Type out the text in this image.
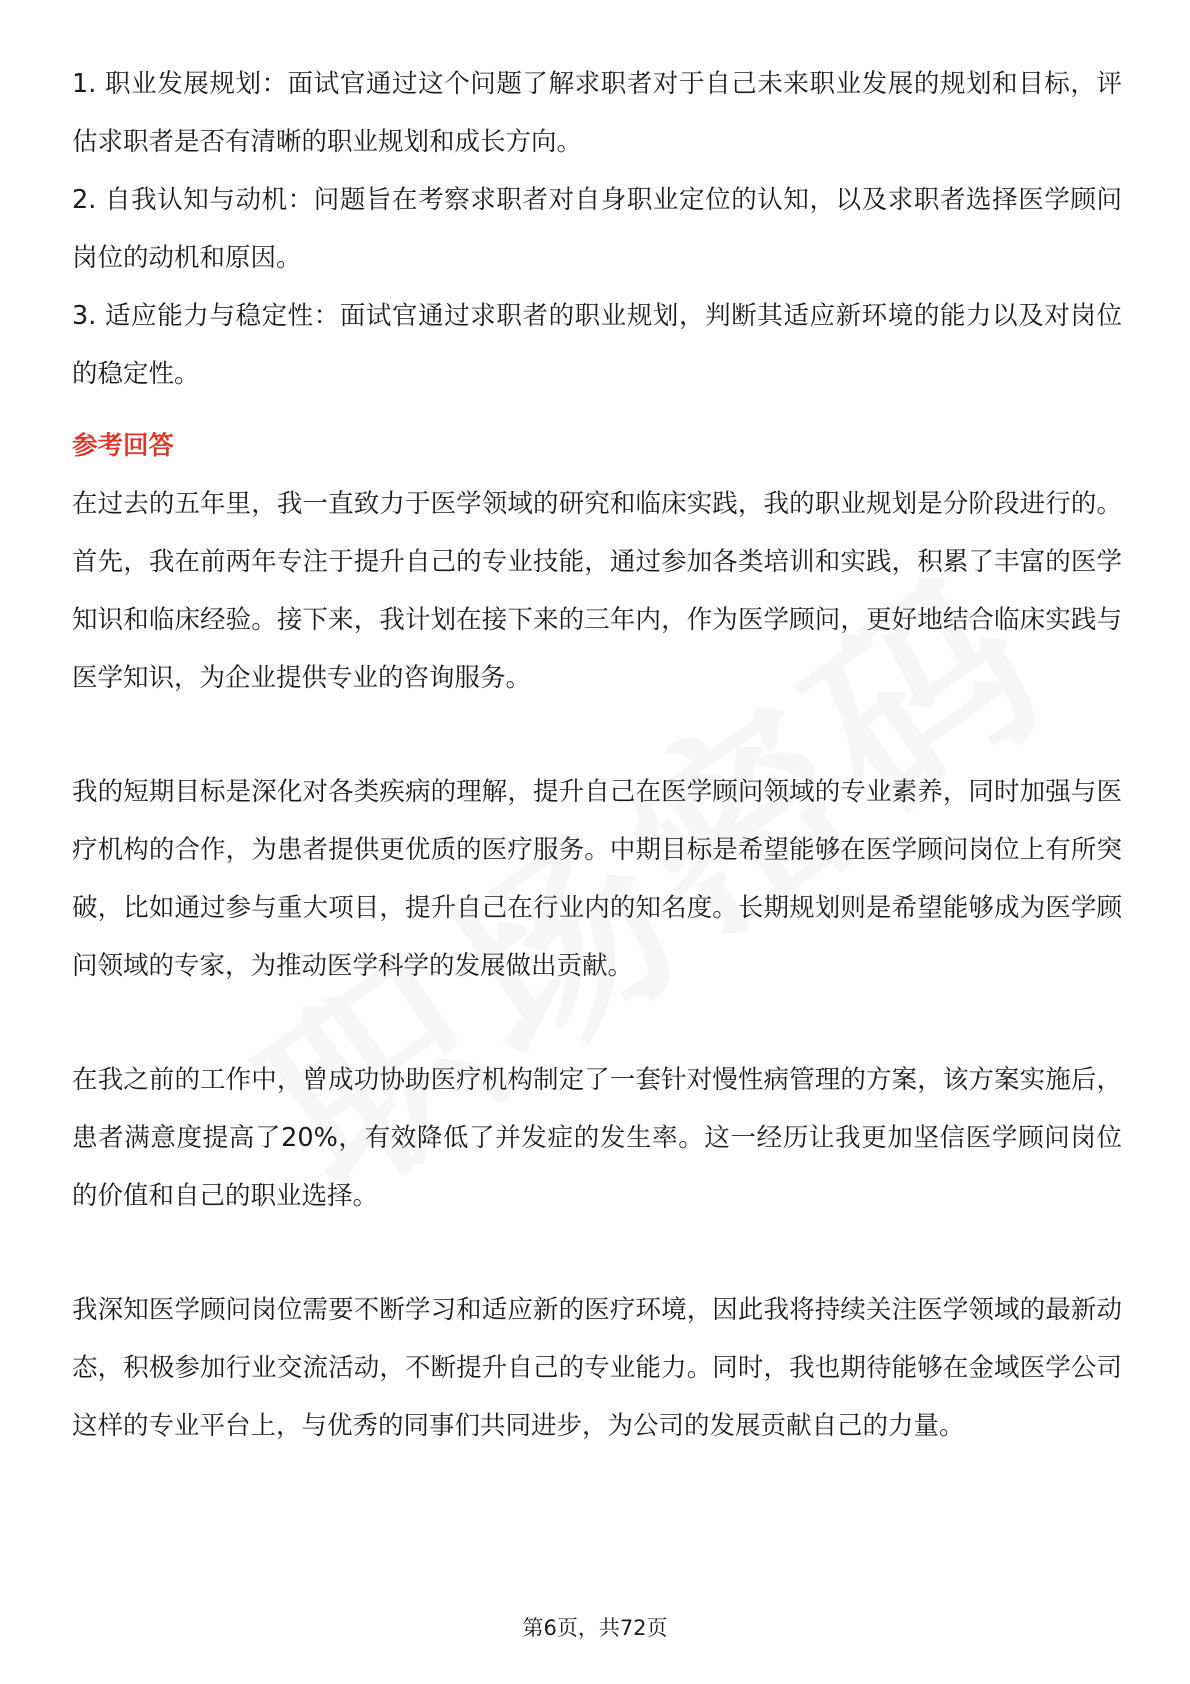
1. 职业发展规划：面试官通过这个问题了解求职者对于自己未来职业发展的规划和目标，评估求职者是否有清晰的职业规划和成长方向。

2. 自我认知与动机：问题旨在考察求职者对自身职业定位的认知，以及求职者选择医学顾问岗位的动机和原因。

3. 适应能力与稳定性：面试官通过求职者的职业规划，判断其适应新环境的能力以及对岗位的稳定性。

参考回答

在过去的五年里，我一直致力于医学领域的研究和临床实践，我的职业规划是分阶段进行的。首先，我在前两年专注于提升自己的专业技能，通过参加各类培训和实践，积累了丰富的医学知识和临床经验。接下来，我计划在接下来的三年内，作为医学顾问，更好地结合临床实践与医学知识，为企业提供专业的咨询服务。

我的短期目标是深化对各类疾病的理解，提升自己在医学顾问领域的专业素养，同时加强与医疗机构的合作，为患者提供更优质的医疗服务。中期目标是希望能够在医学顾问岗位上有所突破，比如通过参与重大项目，提升自己在行业内的知名度。长期规划则是希望能够成为医学顾问领域的专家，为推动医学科学的发展做出贡献。

在我之前的工作中，曾成功协助医疗机构制定了一套针对慢性病管理的方案，该方案实施后，患者满意度提高了20%，有效降低了并发症的发生率。这一经历让我更加坚信医学顾问岗位的价值和自己的职业选择。

我深知医学顾问岗位需要不断学习和适应新的医疗环境，因此我将持续关注医学领域的最新动态，积极参加行业交流活动，不断提升自己的专业能力。同时，我也期待能够在金域医学公司这样的专业平台上，与优秀的同事们共同进步，为公司的发展贡献自己的力量。

第6页，共72页
